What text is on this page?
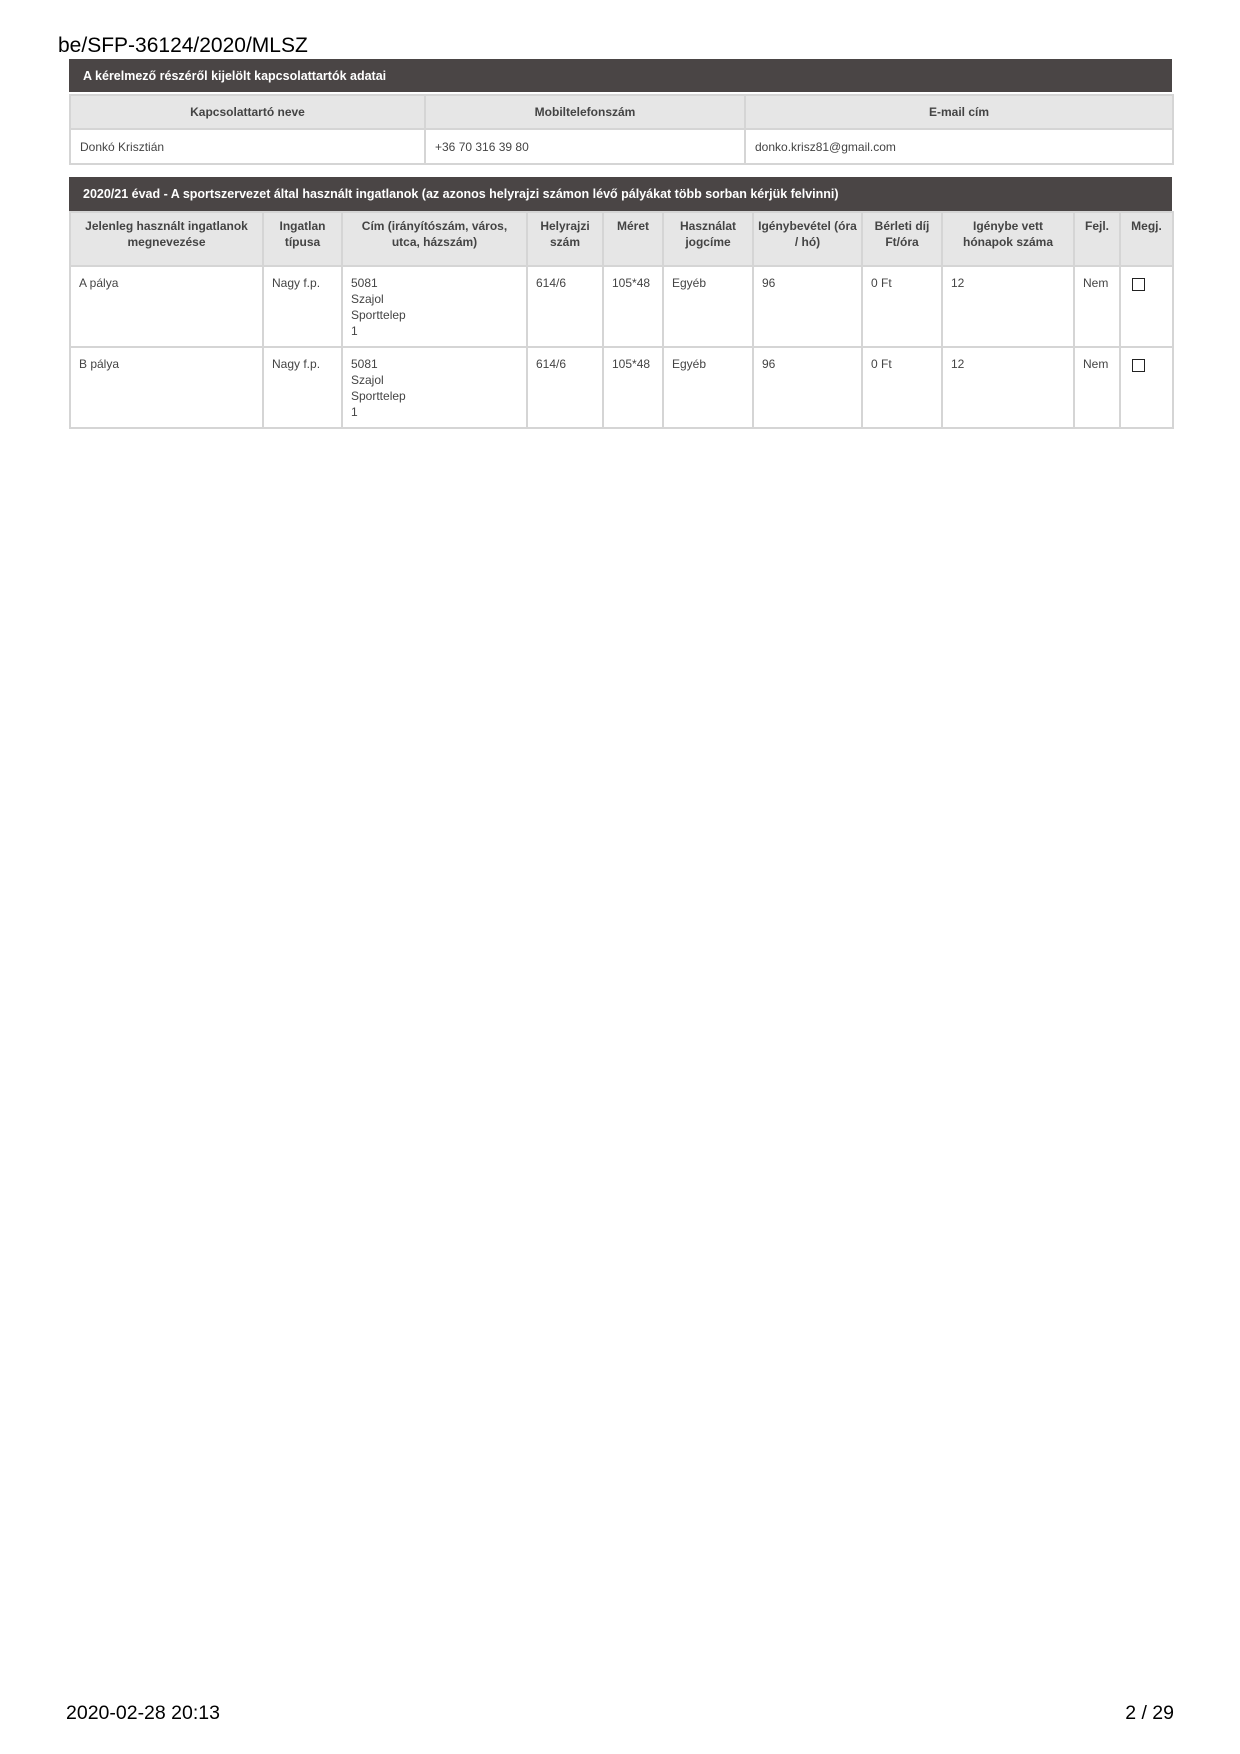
be/SFP-36124/2020/MLSZ
A kérelmező részéről kijelölt kapcsolattartók adatai
Kapcsolattartó neve	Mobiltelefonszám	E-mail cím
Donkó Krisztián	+36 70 316 39 80	donko.krisz81@gmail.com
2020/21 évad - A sportszervezet által használt ingatlanok (az azonos helyrajzi számon lévő pályákat több sorban kérjük felvinni)
Jelenleg használt ingatlanok megnevezése	Ingatlan típusa	Cím (irányítószám, város, utca, házszám)	Helyrajzi szám	Méret	Használat jogcíme	Igénybevétel (óra / hó)	Bérleti díj Ft/óra	Igénybe vett hónapok száma	Fejl.	Megj.
A pálya	Nagy f.p.	5081
Szajol
Sporttelep
1	614/6	105*48	Egyéb	96	0 Ft	12	Nem	
B pálya	Nagy f.p.	5081
Szajol
Sporttelep
1	614/6	105*48	Egyéb	96	0 Ft	12	Nem	
2020-02-28 20:13	2 / 29
